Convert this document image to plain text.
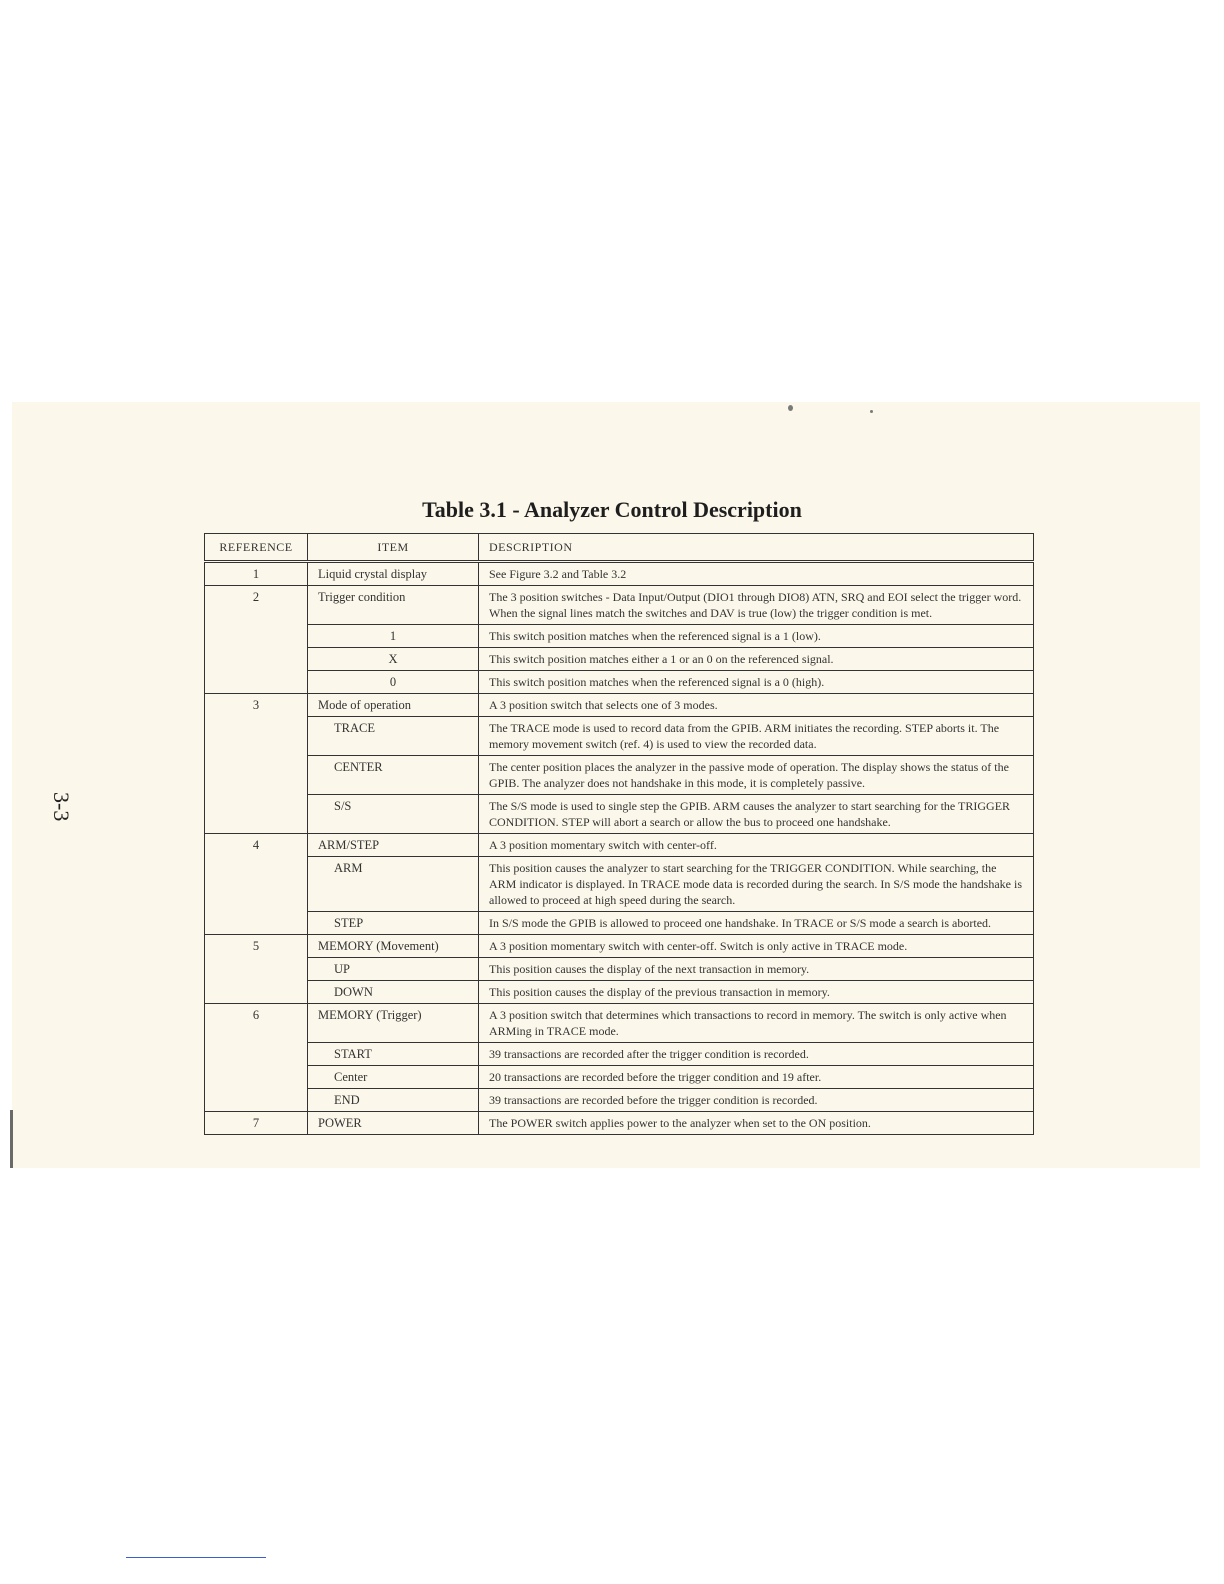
3-3
Table 3.1 - Analyzer Control Description
REFERENCE	ITEM	DESCRIPTION
1	Liquid crystal display	See Figure 3.2 and Table 3.2
2	Trigger condition	The 3 position switches - Data Input/Output (DIO1 through DIO8) ATN, SRQ and EOI select the trigger word. When the signal lines match the switches and DAV is true (low) the trigger condition is met.
	1	This switch position matches when the referenced signal is a 1 (low).
	X	This switch position matches either a 1 or an 0 on the referenced signal.
	0	This switch position matches when the referenced signal is a 0 (high).
3	Mode of operation	A 3 position switch that selects one of 3 modes.
	TRACE	The TRACE mode is used to record data from the GPIB. ARM initiates the recording. STEP aborts it. The memory movement switch (ref. 4) is used to view the recorded data.
	CENTER	The center position places the analyzer in the passive mode of operation. The display shows the status of the GPIB. The analyzer does not handshake in this mode, it is completely passive.
	S/S	The S/S mode is used to single step the GPIB. ARM causes the analyzer to start searching for the TRIGGER CONDITION. STEP will abort a search or allow the bus to proceed one handshake.
4	ARM/STEP	A 3 position momentary switch with center-off.
	ARM	This position causes the analyzer to start searching for the TRIGGER CONDITION. While searching, the ARM indicator is displayed. In TRACE mode data is recorded during the search. In S/S mode the handshake is allowed to proceed at high speed during the search.
	STEP	In S/S mode the GPIB is allowed to proceed one handshake. In TRACE or S/S mode a search is aborted.
5	MEMORY (Movement)	A 3 position momentary switch with center-off. Switch is only active in TRACE mode.
	UP	This position causes the display of the next transaction in memory.
	DOWN	This position causes the display of the previous transaction in memory.
6	MEMORY (Trigger)	A 3 position switch that determines which transactions to record in memory. The switch is only active when ARMing in TRACE mode.
	START	39 transactions are recorded after the trigger condition is recorded.
	Center	20 transactions are recorded before the trigger condition and 19 after.
	END	39 transactions are recorded before the trigger condition is recorded.
7	POWER	The POWER switch applies power to the analyzer when set to the ON position.
